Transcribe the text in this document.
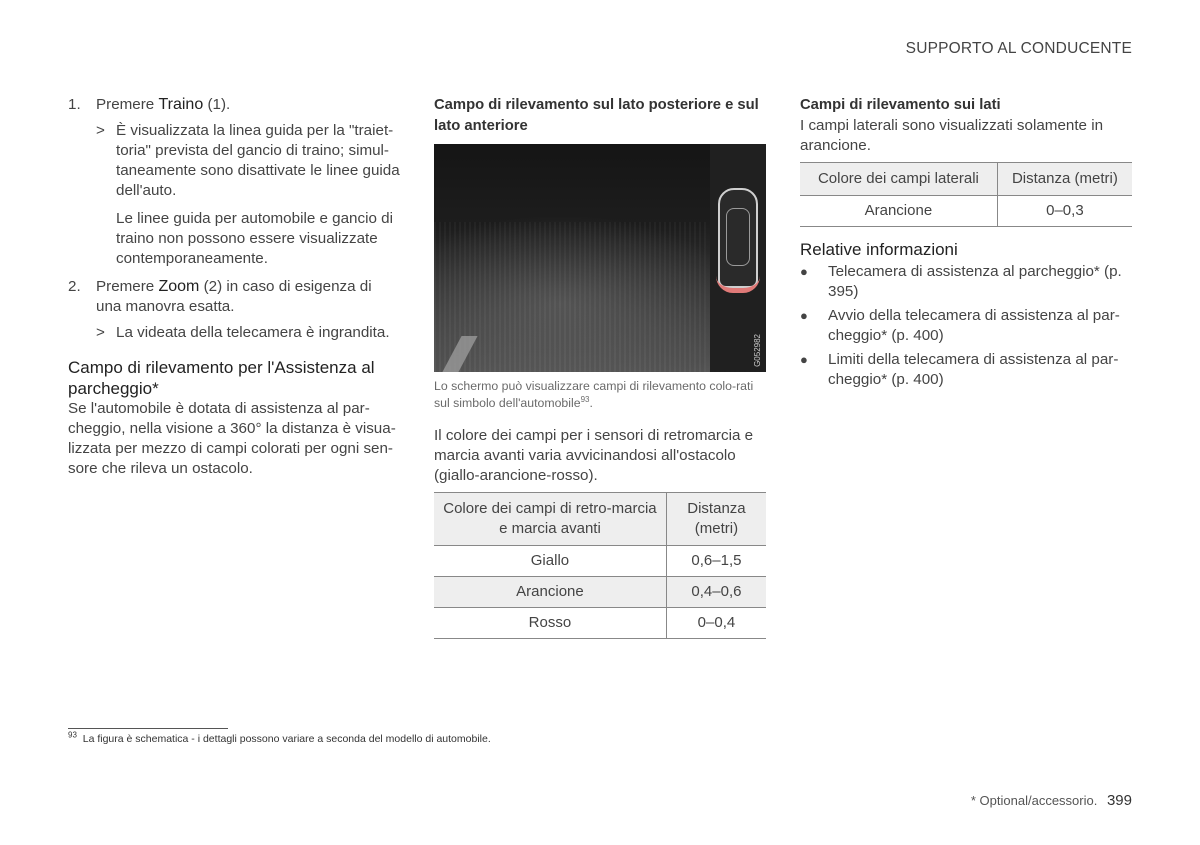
SUPPORTO AL CONDUCENTE
1.	Premere Traino (1).
> È visualizzata la linea guida per la "traiet-toria" prevista del gancio di traino; simul-taneamente sono disattivate le linee guida dell'auto.

Le linee guida per automobile e gancio di traino non possono essere visualizzate contemporaneamente.

2.	Premere Zoom (2) in caso di esigenza di una manovra esatta.
> La videata della telecamera è ingrandita.
Campo di rilevamento per l'Assistenza al parcheggio*

Se l'automobile è dotata di assistenza al par-cheggio, nella visione a 360° la distanza è visua-lizzata per mezzo di campi colorati per ogni sen-sore che rileva un ostacolo.

Campo di rilevamento sul lato posteriore e sul lato anteriore
G052982

Lo schermo può visualizzare campi di rilevamento colo-rati sul simbolo dell'automobile$^{93}$.

Il colore dei campi per i sensori di retromarcia e marcia avanti varia avvicinandosi all'ostacolo (giallo-arancione-rosso).

Colore dei campi di retro-marcia e marcia avanti	Distanza (metri)
Giallo	0,6–1,5
Arancione	0,4–0,6
Rosso	0–0,4
Campi di rilevamento sui lati

I campi laterali sono visualizzati solamente in arancione.

Colore dei campi laterali	Distanza (metri)
Arancione	0–0,3
Relative informazioni
●	Telecamera di assistenza al parcheggio* (p. 395)
●	Avvio della telecamera di assistenza al par-cheggio* (p. 400)
●	Limiti della telecamera di assistenza al par-cheggio* (p. 400)
$^{93}$ La figura è schematica - i dettagli possono variare a seconda del modello di automobile.
* Optional/accessorio. 399
